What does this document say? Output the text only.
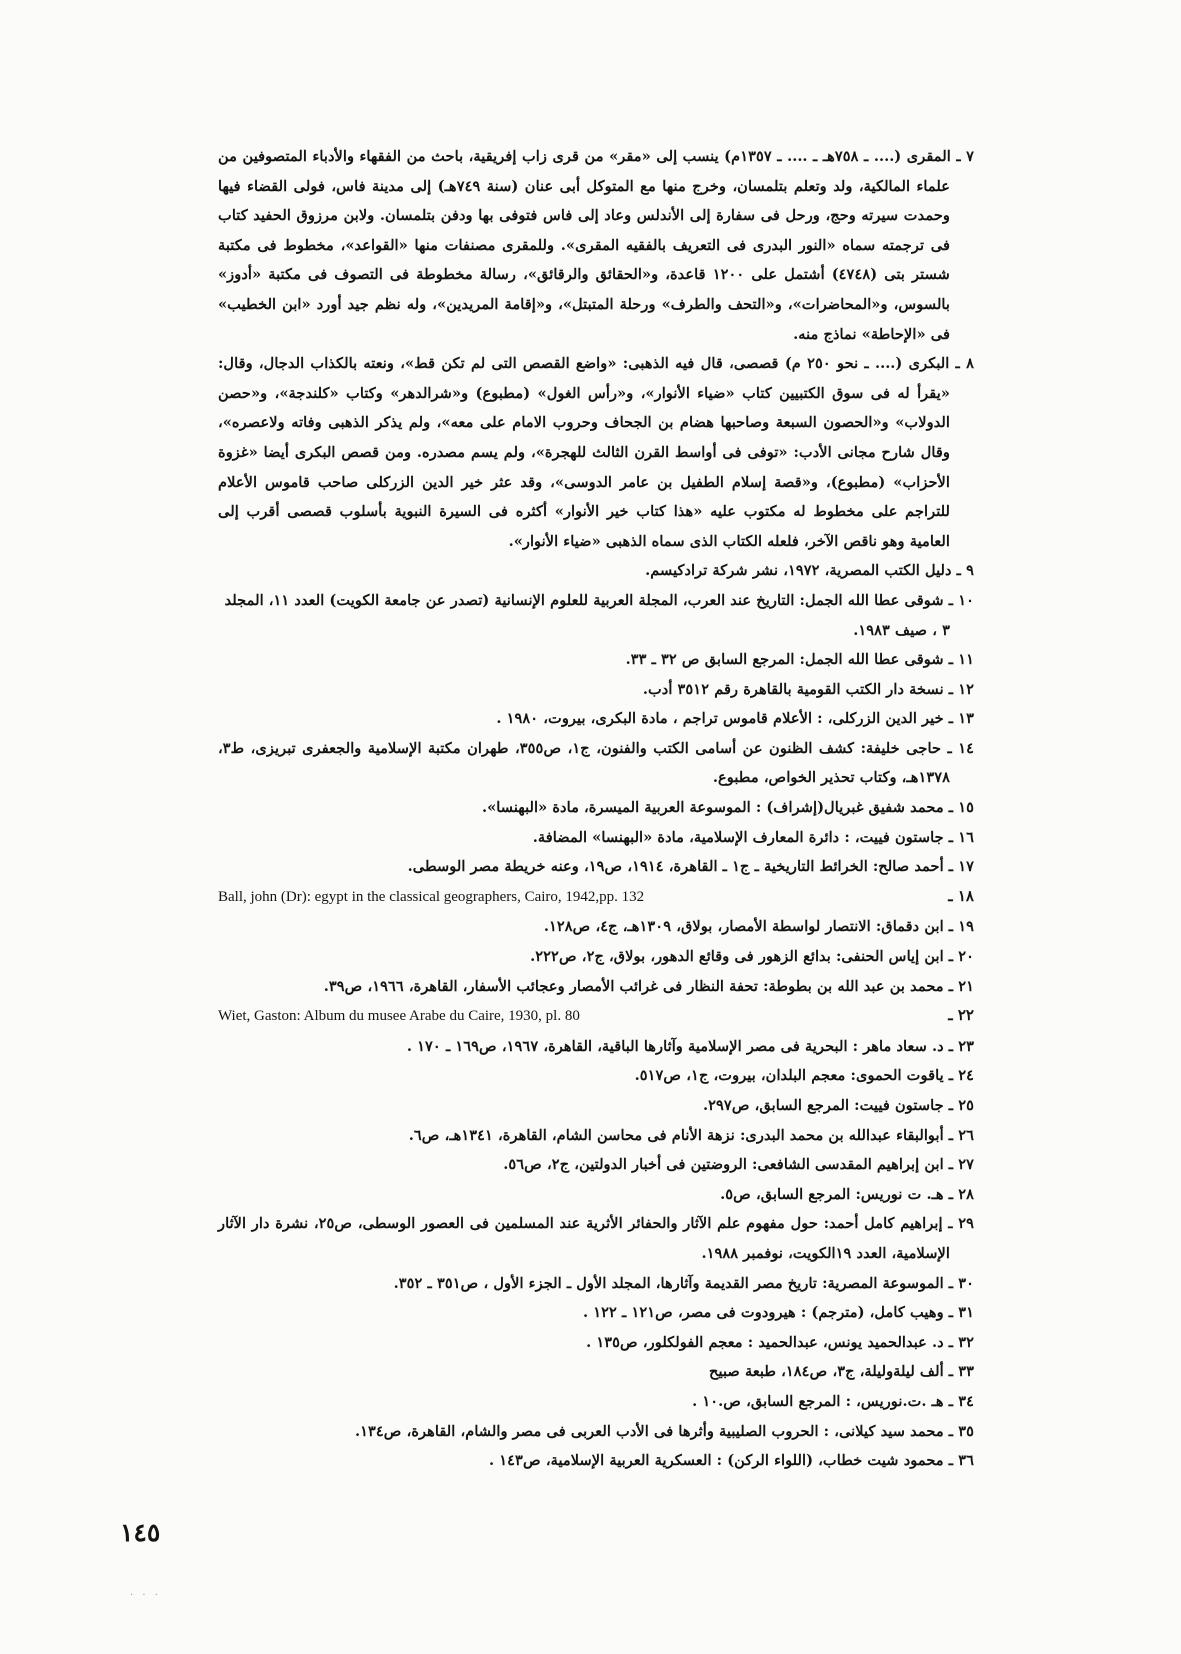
٧ ـ المقرى (.... ـ ٧٥٨هـ ـ .... ـ ١٣٥٧م) ينسب إلى «مقر» من قرى زاب إفريقية، باحث من الفقهاء والأدباء المتصوفين من علماء المالكية، ولد وتعلم بتلمسان، وخرج منها مع المتوكل أبى عنان (سنة ٧٤٩هـ) إلى مدينة فاس، فولى القضاء فيها وحمدت سيرته وحج، ورحل فى سفارة إلى الأندلس وعاد إلى فاس فتوفى بها ودفن بتلمسان. ولابن مرزوق الحفيد كتاب فى ترجمته سماه «النور البدرى فى التعريف بالفقيه المقرى». وللمقرى مصنفات منها «القواعد»، مخطوط فى مكتبة شستر بتى (٤٧٤٨) أشتمل على ١٢٠٠ قاعدة، و«الحقائق والرقائق»، رسالة مخطوطة فى التصوف فى مكتبة «أدوز» بالسوس، و«المحاضرات»، و«التحف والطرف» ورحلة المتبتل»، و«إقامة المريدين»، وله نظم جيد أورد «ابن الخطيب» فى «الإحاطة» نماذج منه.
٨ ـ البكرى (.... ـ نحو ٢٥٠ م) قصصى، قال فيه الذهبى: «واضع القصص التى لم تكن قط»، ونعته بالكذاب الدجال، وقال: «يقرأ له فى سوق الكتبيين كتاب «ضياء الأنوار»، و«رأس الغول» (مطبوع) و«شرالدهر» وكتاب «كلندجة»، و«حصن الدولاب» و«الحصون السبعة وصاحبها هضام بن الجحاف وحروب الامام على معه»، ولم يذكر الذهبى وفاته ولاعصره»، وقال شارح مجانى الأدب: «توفى فى أواسط القرن الثالث للهجرة»، ولم يسم مصدره. ومن قصص البكرى أيضا «غزوة الأحزاب» (مطبوع)، و«قصة إسلام الطفيل بن عامر الدوسى»، وقد عثر خير الدين الزركلى صاحب قاموس الأعلام للتراجم على مخطوط له مكتوب عليه «هذا كتاب خير الأنوار» أكثره فى السيرة النبوية بأسلوب قصصى أقرب إلى العامية وهو ناقص الآخر، فلعله الكتاب الذى سماه الذهبى «ضياء الأنوار».
٩ ـ دليل الكتب المصرية، ١٩٧٢، نشر شركة ترادكيسم.
١٠ ـ شوقى عطا الله الجمل: التاريخ عند العرب، المجلة العربية للعلوم الإنسانية (تصدر عن جامعة الكويت) العدد ١١، المجلد ٣ ، صيف ١٩٨٣.
١١ ـ شوقى عطا الله الجمل: المرجع السابق ص ٣٢ ـ ٣٣.
١٢ ـ نسخة دار الكتب القومية بالقاهرة رقم ٣٥١٢ أدب.
١٣ ـ خير الدين الزركلى، : الأعلام قاموس تراجم ، مادة البكرى، بيروت، ١٩٨٠ .
١٤ ـ حاجى خليفة: كشف الظنون عن أسامى الكتب والفنون، ج١، ص٣٥٥، طهران مكتبة الإسلامية والجعفرى تبريزى، ط٣، ١٣٧٨هـ، وكتاب تحذير الخواص، مطبوع.
١٥ ـ محمد شفيق غبريال(إشراف) : الموسوعة العربية الميسرة، مادة «البهنسا».
١٦ ـ جاستون فييت، : دائرة المعارف الإسلامية، مادة «البهنسا» المضافة.
١٧ ـ أحمد صالح: الخرائط التاريخية ـ ج١ ـ القاهرة، ١٩١٤، ص١٩، وعنه خريطة مصر الوسطى.
Ball, john (Dr): egypt in the classical geographers, Cairo, 1942,pp. 132	١٨ ـ
١٩ ـ ابن دقماق: الانتصار لواسطة الأمصار، بولاق، ١٣٠٩هـ، ج٤، ص١٢٨.
٢٠ ـ ابن إياس الحنفى: بدائع الزهور فى وقائع الدهور، بولاق، ج٢، ص٢٢٢.
٢١ ـ محمد بن عبد الله بن بطوطة: تحفة النظار فى غرائب الأمصار وعجائب الأسفار، القاهرة، ١٩٦٦، ص٣٩.
Wiet, Gaston: Album du musee Arabe du Caire, 1930, pl. 80	٢٢ ـ
٢٣ ـ د. سعاد ماهر : البحرية فى مصر الإسلامية وآثارها الباقية، القاهرة، ١٩٦٧، ص١٦٩ ـ ١٧٠ .
٢٤ ـ ياقوت الحموى: معجم البلدان، بيروت، ج١، ص٥١٧.
٢٥ ـ جاستون فييت: المرجع السابق، ص٢٩٧.
٢٦ ـ أبوالبقاء عبدالله بن محمد البدرى: نزهة الأنام فى محاسن الشام، القاهرة، ١٣٤١هـ، ص٦.
٢٧ ـ ابن إبراهيم المقدسى الشافعى: الروضتين فى أخبار الدولتين، ج٢، ص٥٦.
٢٨ ـ هـ. ت نوريس: المرجع السابق، ص٥.
٢٩ ـ إبراهيم كامل أحمد: حول مفهوم علم الآثار والحفائر الأثرية عند المسلمين فى العصور الوسطى، ص٢٥، نشرة دار الآثار الإسلامية، العدد ١٩الكويت، نوفمبر ١٩٨٨.
٣٠ ـ الموسوعة المصرية: تاريخ مصر القديمة وآثارها، المجلد الأول ـ الجزء الأول ، ص٣٥١ ـ ٣٥٢.
٣١ ـ وهيب كامل، (مترجم) : هيرودوت فى مصر، ص١٢١ ـ ١٢٢ .
٣٢ ـ د. عبدالحميد يونس، عبدالحميد : معجم الفولكلور، ص١٣٥ .
٣٣ ـ ألف ليلةوليلة، ج٣، ص١٨٤، طبعة صبيح
٣٤ ـ هـ .ت.نوريس، : المرجع السابق، ص.١٠ .
٣٥ ـ محمد سيد كيلانى، : الحروب الصليبية وأثرها فى الأدب العربى فى مصر والشام، القاهرة، ص١٣٤.
٣٦ ـ محمود شيت خطاب، (اللواء الركن) : العسكرية العربية الإسلامية، ص١٤٣ .
١٤٥
· · ·
